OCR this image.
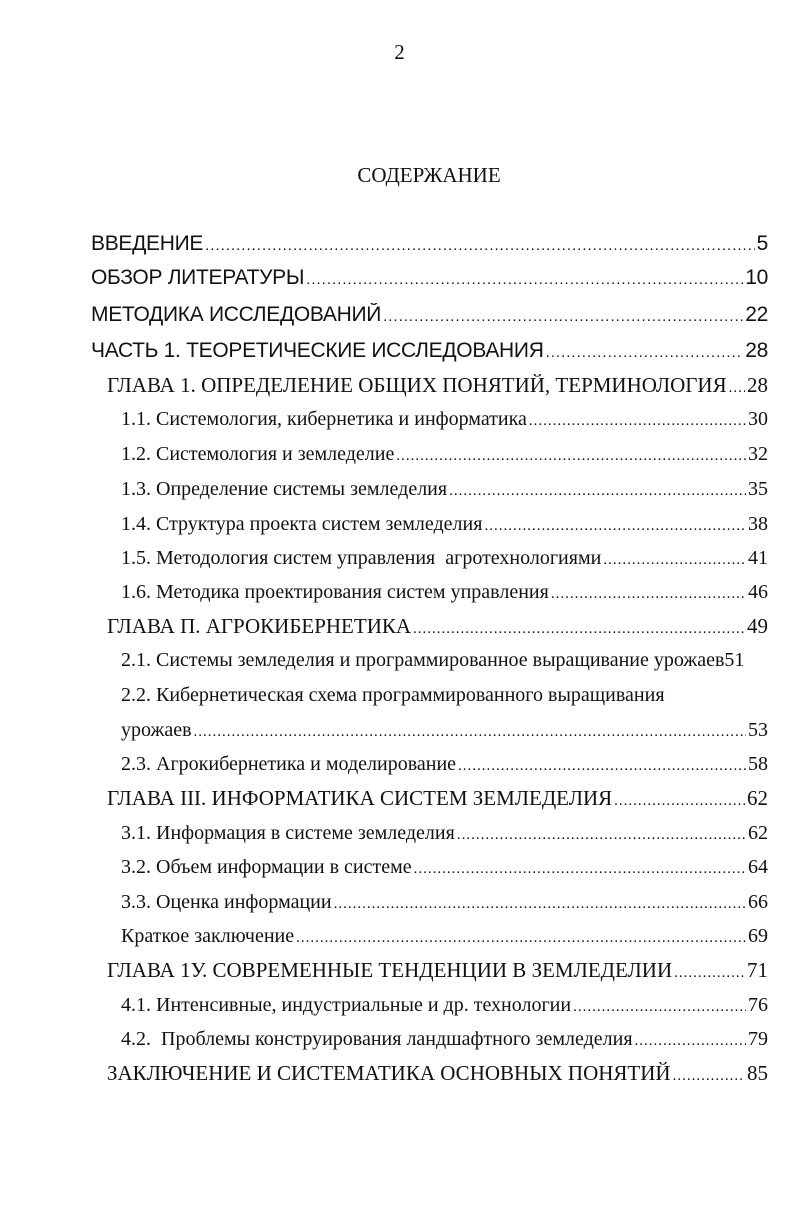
2
СОДЕРЖАНИЕ
ВВЕДЕНИЕ .....	5
ОБЗОР ЛИТЕРАТУРЫ .....	10
МЕТОДИКА ИССЛЕДОВАНИЙ .....	22
ЧАСТЬ 1. ТЕОРЕТИЧЕСКИЕ ИССЛЕДОВАНИЯ .....	28
ГЛАВА 1. ОПРЕДЕЛЕНИЕ ОБЩИХ ПОНЯТИЙ, ТЕРМИНОЛОГИЯ ..... 28
1.1. Системология, кибернетика и информатика .....	30
1.2. Системология и земледелие .....	32
1.3. Определение системы земледелия .....	35
1.4. Структура проекта систем земледелия .....	38
1.5. Методология систем управления  агротехнологиями .....	41
1.6. Методика проектирования систем управления .....	46
ГЛАВА П. АГРОКИБЕРНЕТИКА .....	49
2.1. Системы земледелия и программированное выращивание урожаев 51
2.2. Кибернетическая схема программированного выращивания
урожаев .....	53
2.3. Агрокибернетика и моделирование .....	58
ГЛАВА III. ИНФОРМАТИКА СИСТЕМ ЗЕМЛЕДЕЛИЯ .....	62
3.1. Информация в системе земледелия .....	62
3.2. Объем информации в системе .....	64
3.3. Оценка информации .....	66
Краткое заключение .....	69
ГЛАВА 1У. СОВРЕМЕННЫЕ ТЕНДЕНЦИИ В ЗЕМЛЕДЕЛИИ .....	71
4.1. Интенсивные, индустриальные и др. технологии .....	76
4.2.  Проблемы конструирования ландшафтного земледелия .....	79
ЗАКЛЮЧЕНИЕ И СИСТЕМАТИКА ОСНОВНЫХ ПОНЯТИЙ .....	85
